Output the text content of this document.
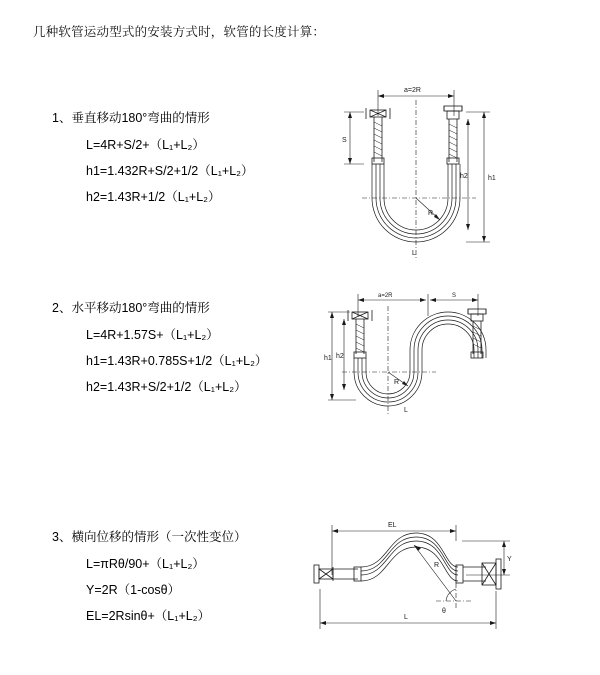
几种软管运动型式的安装方式时，软管的长度计算：
1、垂直移动180°弯曲的情形
L=4R+S/2+（L₁+L₂）
h1=1.432R+S/2+1/2（L₁+L₂）
h2=1.43R+1/2（L₁+L₂）
a=2R
R
S
h1
h2
L
2、水平移动180°弯曲的情形
L=4R+1.57S+（L₁+L₂）
h1=1.43R+0.785S+1/2（L₁+L₂）
h2=1.43R+S/2+1/2（L₁+L₂）
a=2R	S
R
h1 h2
L
3、横向位移的情形（一次性变位）
L=πRθ/90+（L₁+L₂）
Y=2R（1-cosθ）
EL=2Rsinθ+（L₁+L₂）
EL
Y
R
θ
L
